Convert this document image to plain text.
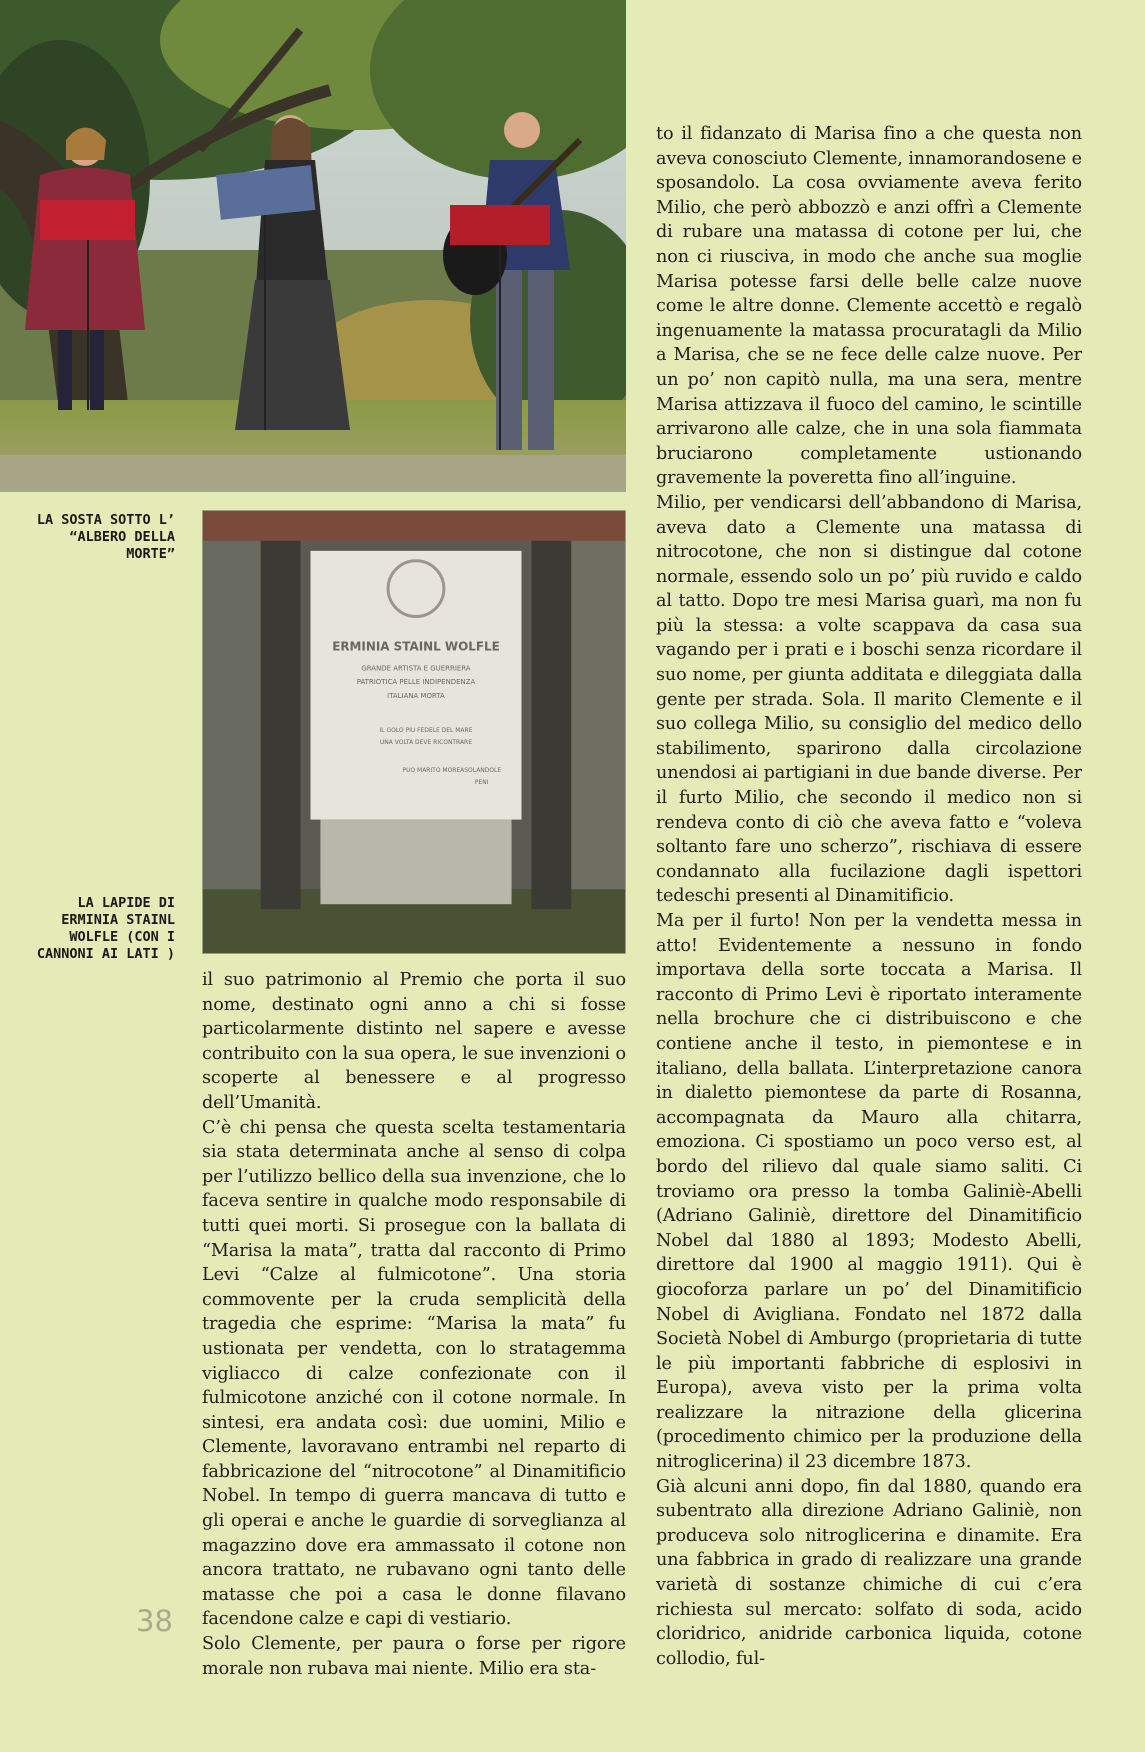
ERMINIA STAINL WOLFLE
GRANDE ARTISTA E GUERRIERA
PATRIOTICA PELLE INDIPENDENZA
ITALIANA MORTA
IL GOLO PIU FEDELE DEL MARE
UNA VOLTA DEVE RICONTRARE
PUO MARITO MOREASOLANDOLE
PENI
LA SOSTA SOTTO L’ “ALBERO DELLA MORTE”
LA LAPIDE DI ERMINIA STAINL WOLFLE (CON I CANNONI AI LATI )

il suo patrimonio al Premio che porta il suo nome, destinato ogni anno a chi si fosse particolarmente distinto nel sapere e avesse contribuito con la sua opera, le sue invenzioni o scoperte al benessere e al progresso dell’Umanità.

C’è chi pensa che questa scelta testamentaria sia stata determinata anche al senso di colpa per l’utilizzo bellico della sua invenzione, che lo faceva sentire in qualche modo responsabile di tutti quei morti. Si prosegue con la ballata di “Marisa la mata”, tratta dal racconto di Primo Levi “Calze al fulmicotone”. Una storia commovente per la cruda semplicità della tragedia che esprime: “Marisa la mata” fu ustionata per vendetta, con lo stratagemma vigliacco di calze confezionate con il fulmicotone anziché con il cotone normale. In sintesi, era andata così: due uomini, Milio e Clemente, lavoravano entrambi nel reparto di fabbricazione del “nitrocotone” al Dinamitificio Nobel. In tempo di guerra mancava di tutto e gli operai e anche le guardie di sorveglianza al magazzino dove era ammassato il cotone non ancora trattato, ne rubavano ogni tanto delle matasse che poi a casa le donne filavano facendone calze e capi di vestiario.

Solo Clemente, per paura o forse per rigore morale non rubava mai niente. Milio era sta-

to il fidanzato di Marisa fino a che questa non aveva conosciuto Clemente, innamorandosene e sposandolo. La cosa ovviamente aveva ferito Milio, che però abbozzò e anzi offrì a Clemente di rubare una matassa di cotone per lui, che non ci riusciva, in modo che anche sua moglie Marisa potesse farsi delle belle calze nuove come le altre donne. Clemente accettò e regalò ingenuamente la matassa procuratagli da Milio a Marisa, che se ne fece delle calze nuove. Per un po’ non capitò nulla, ma una sera, mentre Marisa attizzava il fuoco del camino, le scintille arrivarono alle calze, che in una sola fiammata bruciarono completamente ustionando gravemente la poveretta fino all’inguine.

Milio, per vendicarsi dell’abbandono di Marisa, aveva dato a Clemente una matassa di nitrocotone, che non si distingue dal cotone normale, essendo solo un po’ più ruvido e caldo al tatto. Dopo tre mesi Marisa guarì, ma non fu più la stessa: a volte scappava da casa sua vagando per i prati e i boschi senza ricordare il suo nome, per giunta additata e dileggiata dalla gente per strada. Sola. Il marito Clemente e il suo collega Milio, su consiglio del medico dello stabilimento, sparirono dalla circolazione unendosi ai partigiani in due bande diverse. Per il furto Milio, che secondo il medico non si rendeva conto di ciò che aveva fatto e “voleva soltanto fare uno scherzo”, rischiava di essere condannato alla fucilazione dagli ispettori tedeschi presenti al Dinamitificio.

Ma per il furto! Non per la vendetta messa in atto! Evidentemente a nessuno in fondo importava della sorte toccata a Marisa. Il racconto di Primo Levi è riportato interamente nella brochure che ci distribuiscono e che contiene anche il testo, in piemontese e in italiano, della ballata. L’interpretazione canora in dialetto piemontese da parte di Rosanna, accompagnata da Mauro alla chitarra, emoziona. Ci spostiamo un poco verso est, al bordo del rilievo dal quale siamo saliti. Ci troviamo ora presso la tomba Galiniè-Abelli (Adriano Galiniè, direttore del Dinamitificio Nobel dal 1880 al 1893; Modesto Abelli, direttore dal 1900 al maggio 1911). Qui è giocoforza parlare un po’ del Dinamitificio Nobel di Avigliana. Fondato nel 1872 dalla Società Nobel di Amburgo (proprietaria di tutte le più importanti fabbriche di esplosivi in Europa), aveva visto per la prima volta realizzare la nitrazione della glicerina (procedimento chimico per la produzione della nitroglicerina) il 23 dicembre 1873.

Già alcuni anni dopo, fin dal 1880, quando era subentrato alla direzione Adriano Galiniè, non produceva solo nitroglicerina e dinamite. Era una fabbrica in grado di realizzare una grande varietà di sostanze chimiche di cui c’era richiesta sul mercato: solfato di soda, acido cloridrico, anidride carbonica liquida, cotone collodio, ful-

38
